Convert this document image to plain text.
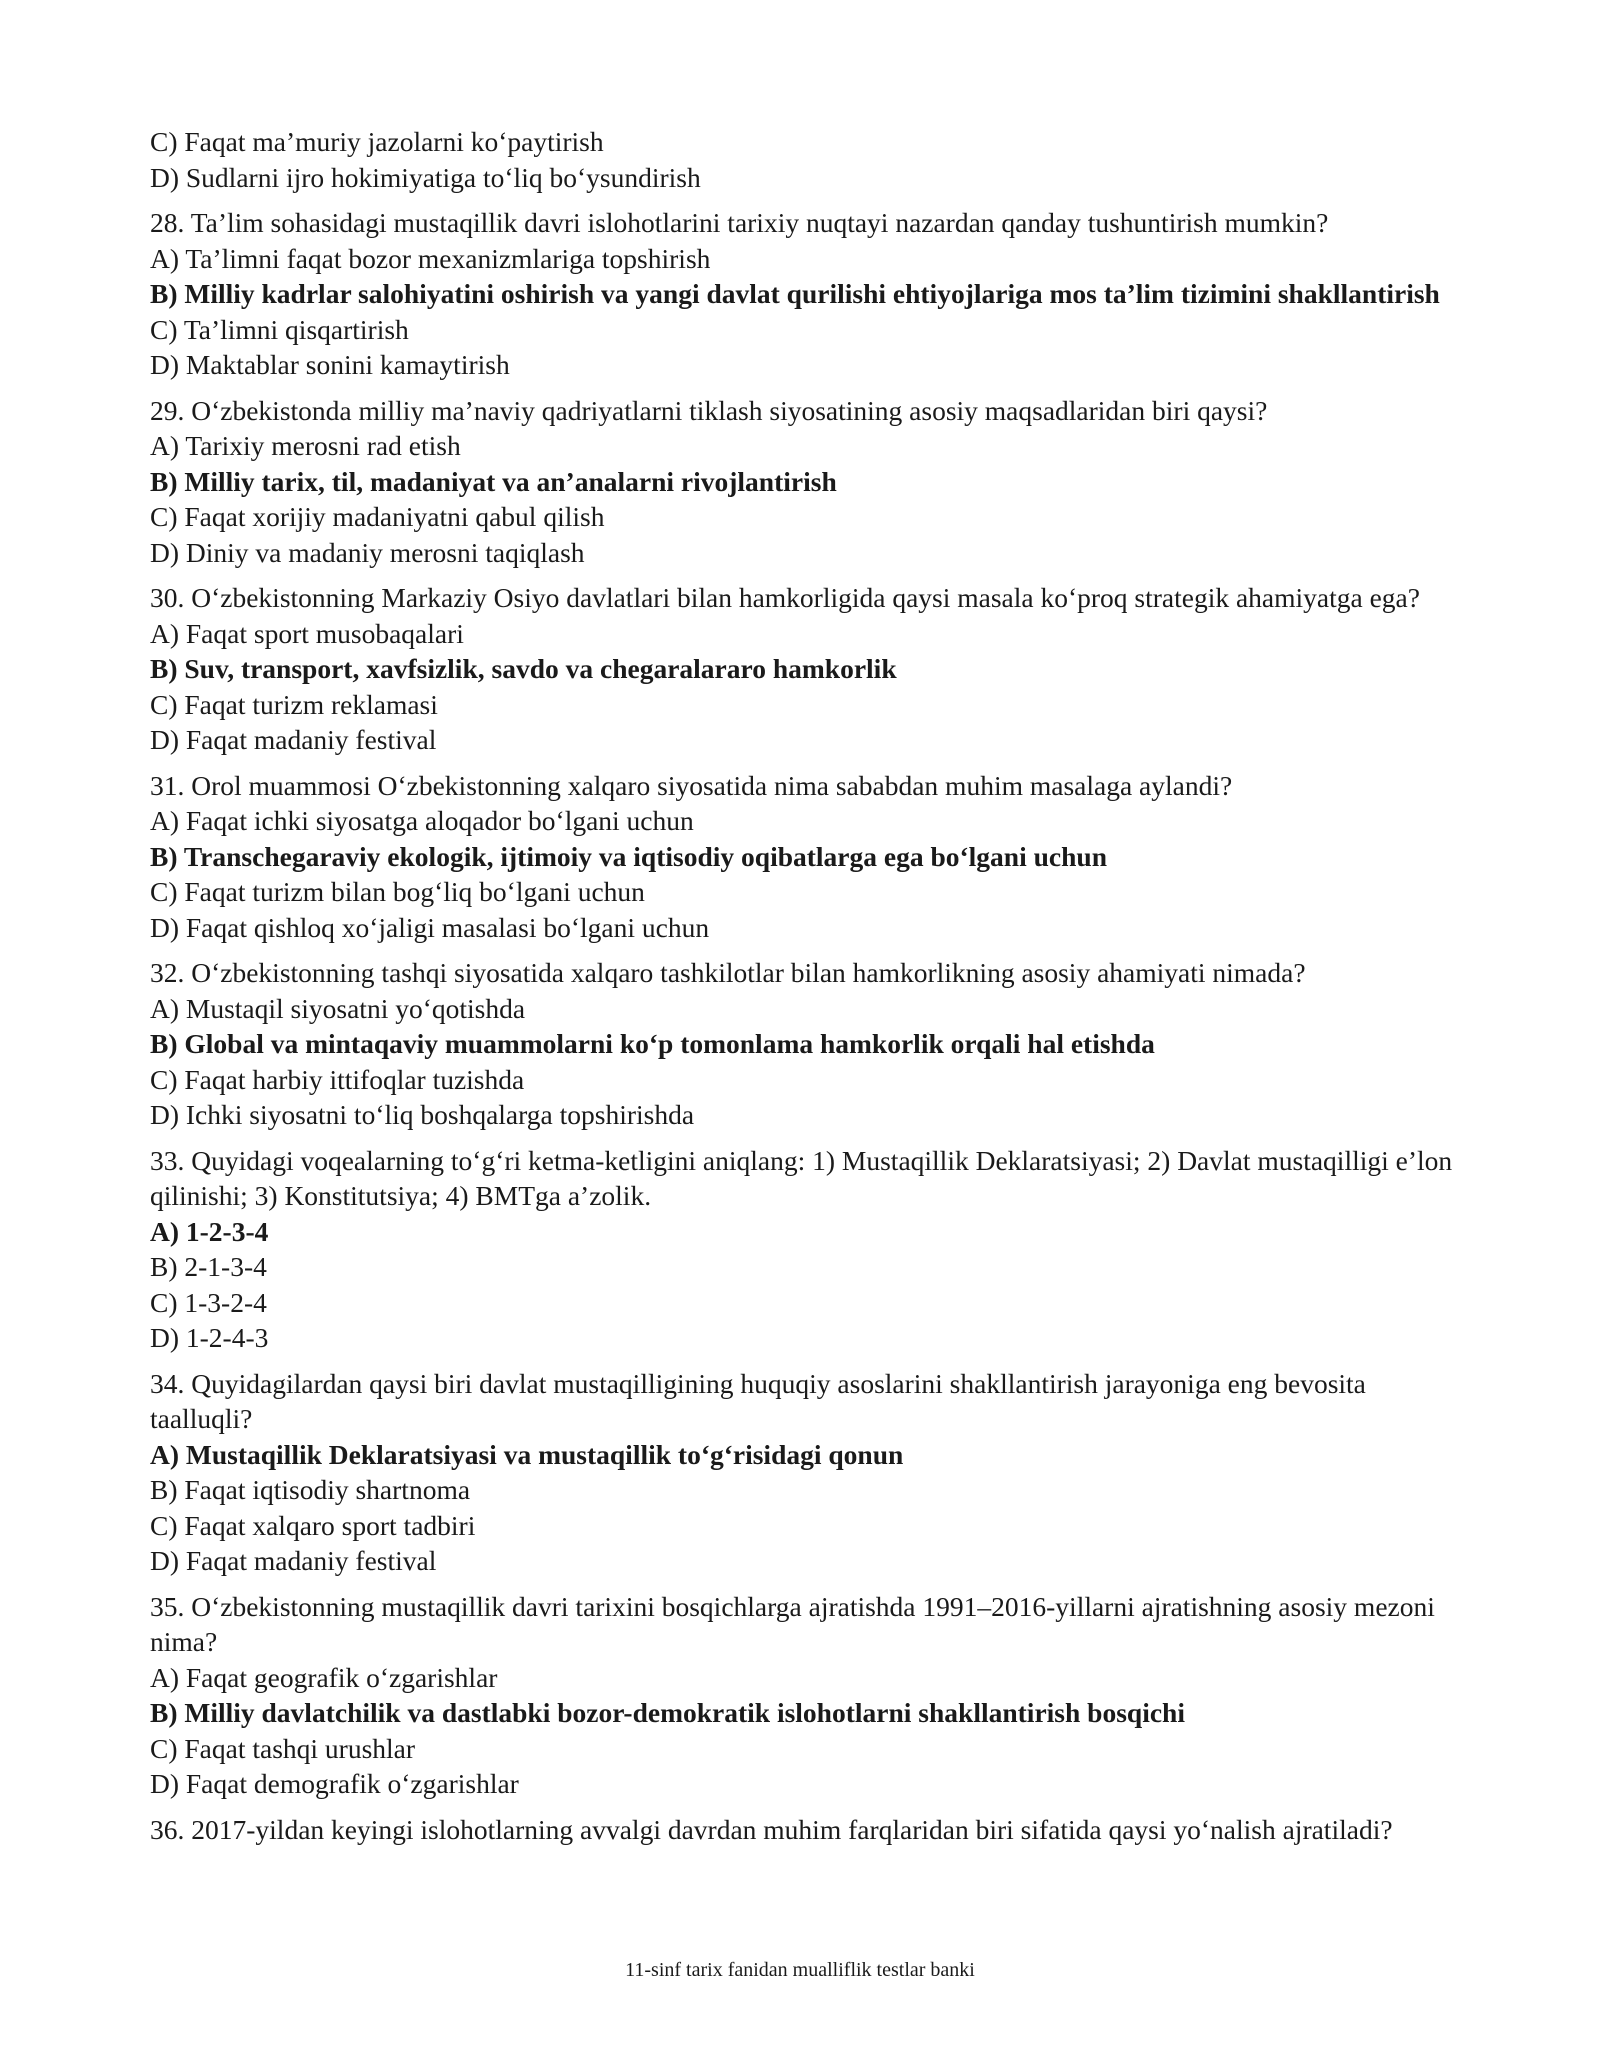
C) Faqat ma’muriy jazolarni ko‘paytirish

D) Sudlarni ijro hokimiyatiga to‘liq bo‘ysundirish

28. Ta’lim sohasidagi mustaqillik davri islohotlarini tarixiy nuqtayi nazardan qanday tushuntirish mumkin?

A) Ta’limni faqat bozor mexanizmlariga topshirish

B) Milliy kadrlar salohiyatini oshirish va yangi davlat qurilishi ehtiyojlariga mos ta’lim tizimini shakllantirish

C) Ta’limni qisqartirish

D) Maktablar sonini kamaytirish

29. O‘zbekistonda milliy ma’naviy qadriyatlarni tiklash siyosatining asosiy maqsadlaridan biri qaysi?

A) Tarixiy merosni rad etish

B) Milliy tarix, til, madaniyat va an’analarni rivojlantirish

C) Faqat xorijiy madaniyatni qabul qilish

D) Diniy va madaniy merosni taqiqlash

30. O‘zbekistonning Markaziy Osiyo davlatlari bilan hamkorligida qaysi masala ko‘proq strategik ahamiyatga ega?

A) Faqat sport musobaqalari

B) Suv, transport, xavfsizlik, savdo va chegaralararo hamkorlik

C) Faqat turizm reklamasi

D) Faqat madaniy festival

31. Orol muammosi O‘zbekistonning xalqaro siyosatida nima sababdan muhim masalaga aylandi?

A) Faqat ichki siyosatga aloqador bo‘lgani uchun

B) Transchegaraviy ekologik, ijtimoiy va iqtisodiy oqibatlarga ega bo‘lgani uchun

C) Faqat turizm bilan bog‘liq bo‘lgani uchun

D) Faqat qishloq xo‘jaligi masalasi bo‘lgani uchun

32. O‘zbekistonning tashqi siyosatida xalqaro tashkilotlar bilan hamkorlikning asosiy ahamiyati nimada?

A) Mustaqil siyosatni yo‘qotishda

B) Global va mintaqaviy muammolarni ko‘p tomonlama hamkorlik orqali hal etishda

C) Faqat harbiy ittifoqlar tuzishda

D) Ichki siyosatni to‘liq boshqalarga topshirishda

33. Quyidagi voqealarning to‘g‘ri ketma-ketligini aniqlang: 1) Mustaqillik Deklaratsiyasi; 2) Davlat mustaqilligi e’lon qilinishi; 3) Konstitutsiya; 4) BMTga a’zolik.

A) 1-2-3-4

B) 2-1-3-4

C) 1-3-2-4

D) 1-2-4-3

34. Quyidagilardan qaysi biri davlat mustaqilligining huquqiy asoslarini shakllantirish jarayoniga eng bevosita taalluqli?

A) Mustaqillik Deklaratsiyasi va mustaqillik to‘g‘risidagi qonun

B) Faqat iqtisodiy shartnoma

C) Faqat xalqaro sport tadbiri

D) Faqat madaniy festival

35. O‘zbekistonning mustaqillik davri tarixini bosqichlarga ajratishda 1991–2016-yillarni ajratishning asosiy mezoni nima?

A) Faqat geografik o‘zgarishlar

B) Milliy davlatchilik va dastlabki bozor-demokratik islohotlarni shakllantirish bosqichi

C) Faqat tashqi urushlar

D) Faqat demografik o‘zgarishlar

36. 2017-yildan keyingi islohotlarning avvalgi davrdan muhim farqlaridan biri sifatida qaysi yo‘nalish ajratiladi?

11-sinf tarix fanidan mualliflik testlar banki
